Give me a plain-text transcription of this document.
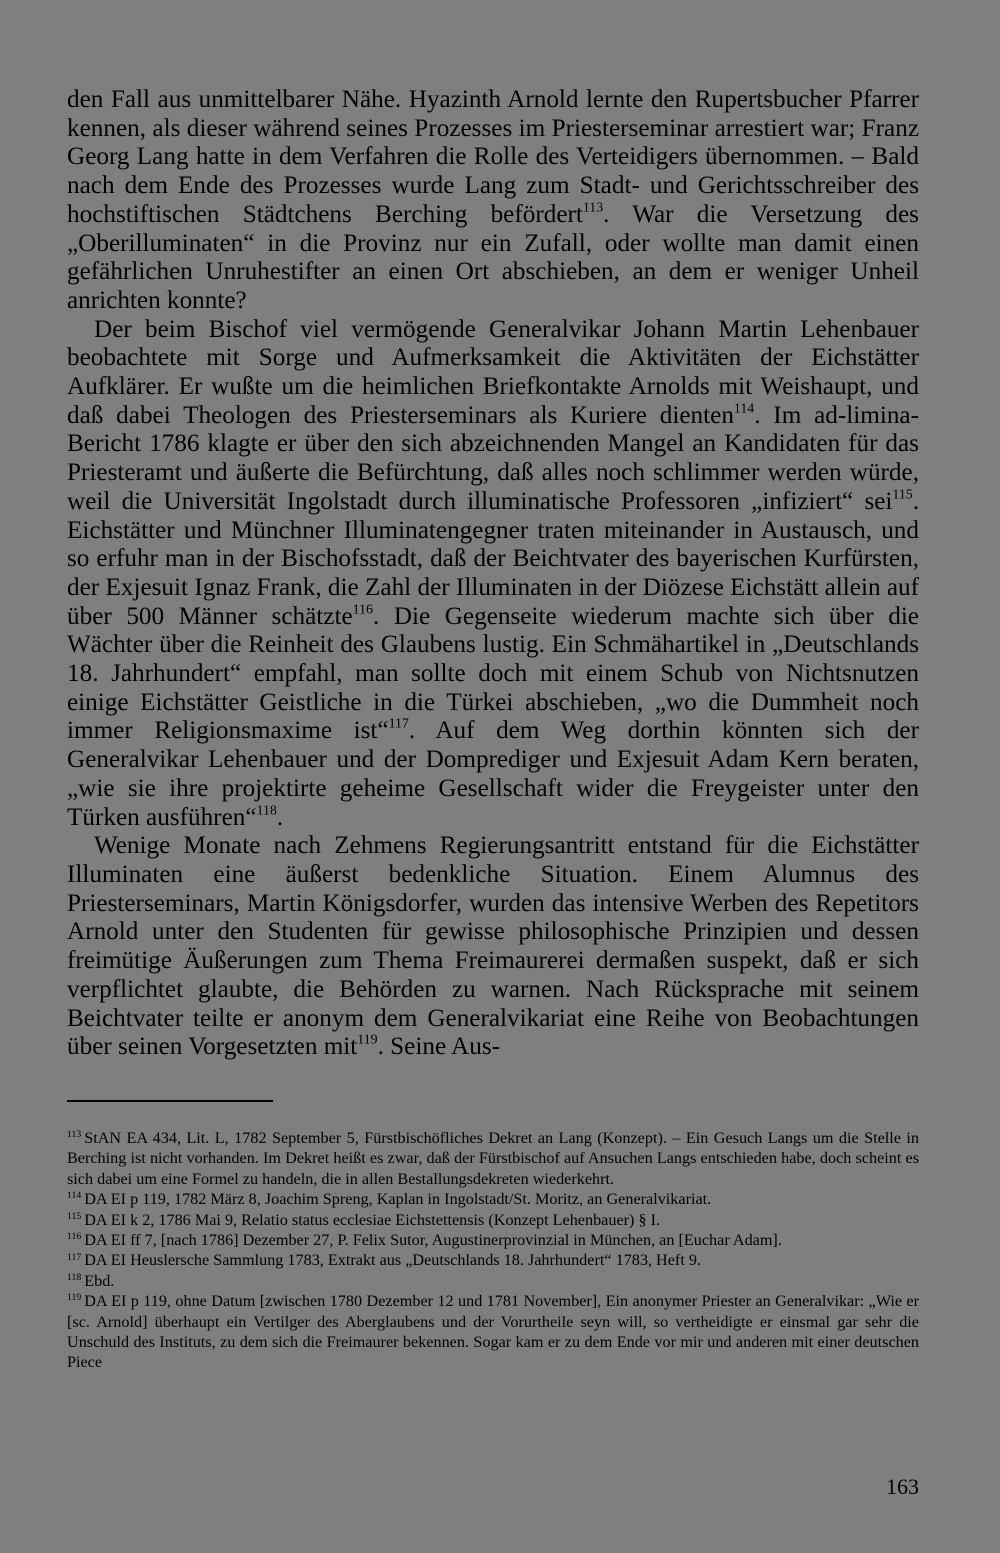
den Fall aus unmittelbarer Nähe. Hyazinth Arnold lernte den Rupertsbucher Pfarrer kennen, als dieser während seines Prozesses im Priesterseminar arrestiert war; Franz Georg Lang hatte in dem Verfahren die Rolle des Verteidigers übernommen. – Bald nach dem Ende des Prozesses wurde Lang zum Stadt- und Gerichtsschreiber des hochstiftischen Städtchens Berching befördert$^{113}$. War die Versetzung des „Oberilluminaten“ in die Provinz nur ein Zufall, oder wollte man damit einen gefährlichen Unruhestifter an einen Ort abschieben, an dem er weniger Unheil anrichten konnte?

Der beim Bischof viel vermögende Generalvikar Johann Martin Lehenbauer beobachtete mit Sorge und Aufmerksamkeit die Aktivitäten der Eichstätter Aufklärer. Er wußte um die heimlichen Briefkontakte Arnolds mit Weishaupt, und daß dabei Theologen des Priesterseminars als Kuriere dienten$^{114}$. Im ad-limina-Bericht 1786 klagte er über den sich abzeichnenden Mangel an Kandidaten für das Priesteramt und äußerte die Befürchtung, daß alles noch schlimmer werden würde, weil die Universität Ingolstadt durch illuminatische Professoren „infiziert“ sei$^{115}$. Eichstätter und Münchner Illuminatengegner traten miteinander in Austausch, und so erfuhr man in der Bischofsstadt, daß der Beichtvater des bayerischen Kurfürsten, der Exjesuit Ignaz Frank, die Zahl der Illuminaten in der Diözese Eichstätt allein auf über 500 Männer schätzte$^{116}$. Die Gegenseite wiederum machte sich über die Wächter über die Reinheit des Glaubens lustig. Ein Schmähartikel in „Deutschlands 18. Jahrhundert“ empfahl, man sollte doch mit einem Schub von Nichtsnutzen einige Eichstätter Geistliche in die Türkei abschieben, „wo die Dummheit noch immer Religionsmaxime ist“$^{117}$. Auf dem Weg dorthin könnten sich der Generalvikar Lehenbauer und der Domprediger und Exjesuit Adam Kern beraten, „wie sie ihre projektirte geheime Gesellschaft wider die Freygeister unter den Türken ausführen“$^{118}$.

Wenige Monate nach Zehmens Regierungsantritt entstand für die Eichstätter Illuminaten eine äußerst bedenkliche Situation. Einem Alumnus des Priesterseminars, Martin Königsdorfer, wurden das intensive Werben des Repetitors Arnold unter den Studenten für gewisse philosophische Prinzipien und dessen freimütige Äußerungen zum Thema Freimaurerei dermaßen suspekt, daß er sich verpflichtet glaubte, die Behörden zu warnen. Nach Rücksprache mit seinem Beichtvater teilte er anonym dem Generalvikariat eine Reihe von Beobachtungen über seinen Vorgesetzten mit$^{119}$. Seine Aus-

$^{113}$ StAN EA 434, Lit. L, 1782 September 5, Fürstbischöfliches Dekret an Lang (Konzept). – Ein Gesuch Langs um die Stelle in Berching ist nicht vorhanden. Im Dekret heißt es zwar, daß der Fürstbischof auf Ansuchen Langs entschieden habe, doch scheint es sich dabei um eine Formel zu handeln, die in allen Bestallungsdekreten wiederkehrt.

$^{114}$ DA EI p 119, 1782 März 8, Joachim Spreng, Kaplan in Ingolstadt/St. Moritz, an Generalvikariat.

$^{115}$ DA EI k 2, 1786 Mai 9, Relatio status ecclesiae Eichstettensis (Konzept Lehenbauer) § I.

$^{116}$ DA EI ff 7, [nach 1786] Dezember 27, P. Felix Sutor, Augustinerprovinzial in München, an [Euchar Adam].

$^{117}$ DA EI Heuslersche Sammlung 1783, Extrakt aus „Deutschlands 18. Jahrhundert“ 1783, Heft 9.

$^{118}$ Ebd.

$^{119}$ DA EI p 119, ohne Datum [zwischen 1780 Dezember 12 und 1781 November], Ein anonymer Priester an Generalvikar: „Wie er [sc. Arnold] überhaupt ein Vertilger des Aberglaubens und der Vorurtheile seyn will, so vertheidigte er einsmal gar sehr die Unschuld des Instituts, zu dem sich die Freimaurer bekennen. Sogar kam er zu dem Ende vor mir und anderen mit einer deutschen Piece

163
